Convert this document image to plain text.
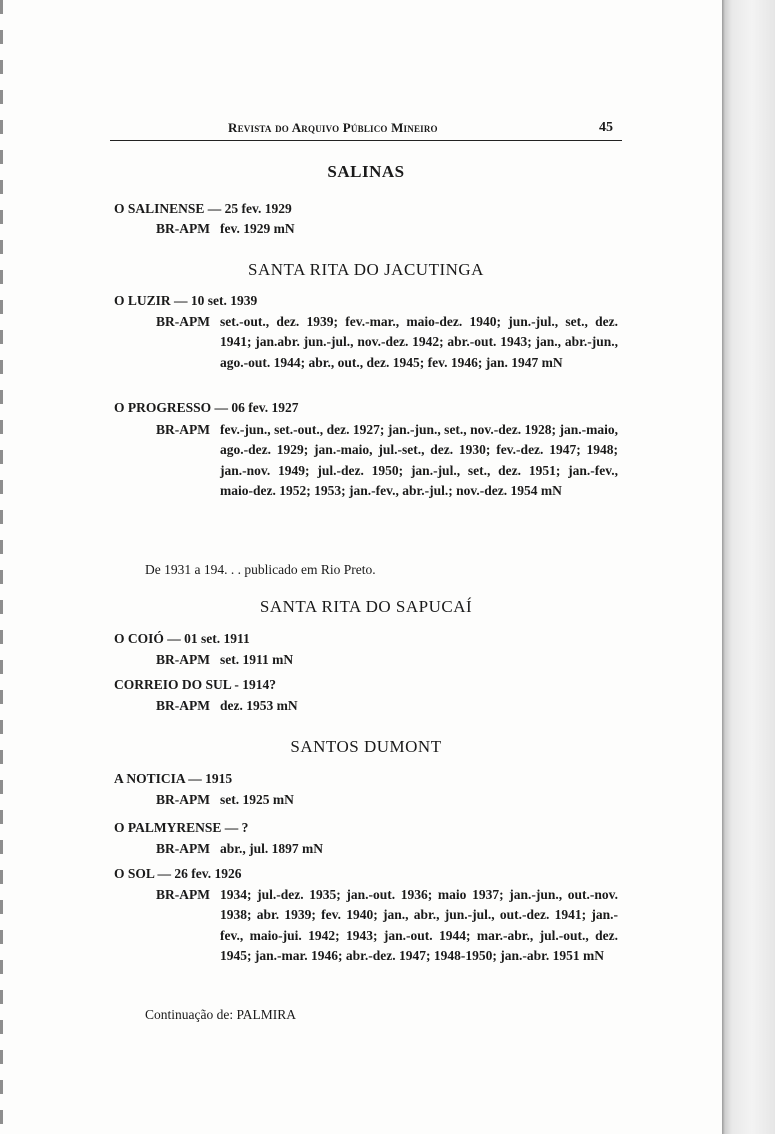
Revista do Arquivo Público Mineiro	45
SALINAS
O SALINENSE — 25 fev. 1929
BR-APM fev. 1929 mN
SANTA RITA DO JACUTINGA
O LUZIR — 10 set. 1939
BR-APM set.-out., dez. 1939; fev.-mar., maio-dez. 1940; jun.-jul., set., dez. 1941; jan.abr. jun.-jul., nov.-dez. 1942; abr.-out. 1943; jan., abr.-jun., ago.-out. 1944; abr., out., dez. 1945; fev. 1946; jan. 1947 mN
O PROGRESSO — 06 fev. 1927
BR-APM fev.-jun., set.-out., dez. 1927; jan.-jun., set., nov.-dez. 1928; jan.-maio, ago.-dez. 1929; jan.-maio, jul.-set., dez. 1930; fev.-dez. 1947; 1948; jan.-nov. 1949; jul.-dez. 1950; jan.-jul., set., dez. 1951; jan.-fev., maio-dez. 1952; 1953; jan.-fev., abr.-jul.; nov.-dez. 1954 mN
De 1931 a 194. . . publicado em Rio Preto.
SANTA RITA DO SAPUCAÍ
O COIÓ — 01 set. 1911
BR-APM set. 1911 mN
CORREIO DO SUL - 1914?
BR-APM dez. 1953 mN
SANTOS DUMONT
A NOTICIA — 1915
BR-APM set. 1925 mN
O PALMYRENSE — ?
BR-APM abr., jul. 1897 mN
O SOL — 26 fev. 1926
BR-APM 1934; jul.-dez. 1935; jan.-out. 1936; maio 1937; jan.-jun., out.-nov. 1938; abr. 1939; fev. 1940; jan., abr., jun.-jul., out.-dez. 1941; jan.-fev., maio-jui. 1942; 1943; jan.-out. 1944; mar.-abr., jul.-out., dez. 1945; jan.-mar. 1946; abr.-dez. 1947; 1948-1950; jan.-abr. 1951 mN
Continuação de: PALMIRA
